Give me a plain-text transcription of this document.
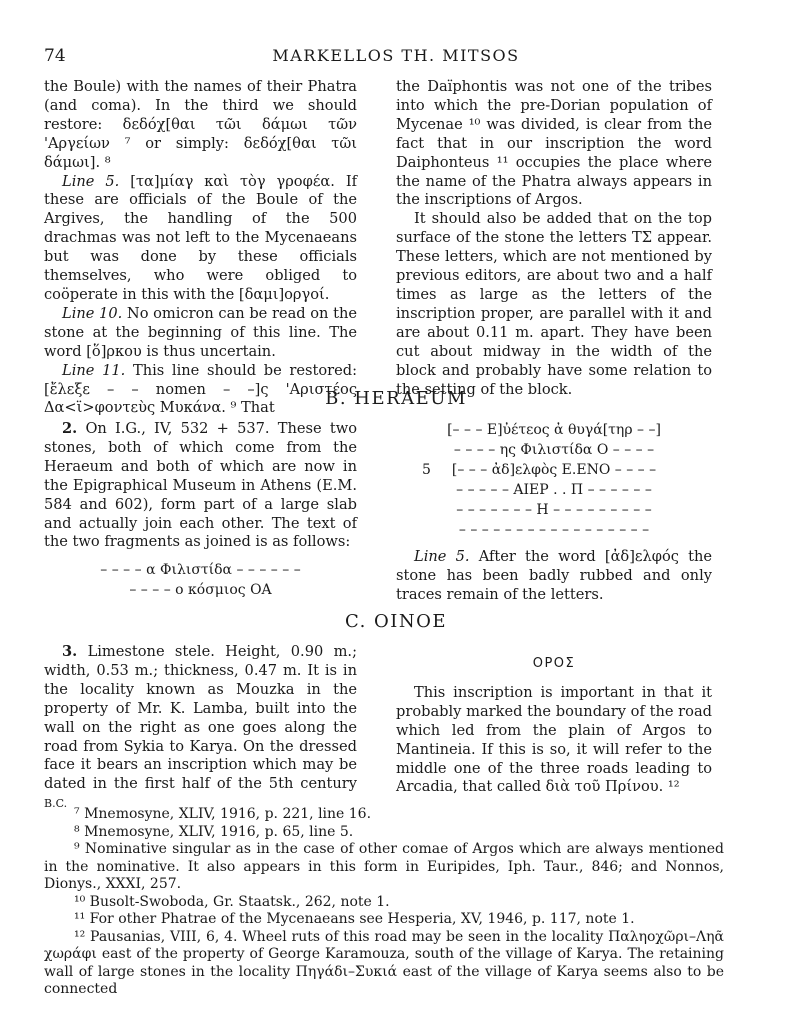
74	MARKELLOS TH. MITSOS

the Boule) with the names of their Phatra (and coma). In the third we should restore: δεδόχ[θαι τῶι δάμωι τῶν 'Αργείων ⁷ or simply: δεδόχ[θαι τῶι δάμωι]. ⁸

Line 5. [τα]μίαγ καὶ τὸγ γροφέα. If these are officials of the Boule of the Argives, the handling of the 500 drachmas was not left to the Mycenaeans but was done by these officials themselves, who were obliged to coöperate in this with the [δαμι]οργοί.

Line 10. No omicron can be read on the stone at the beginning of this line. The word [ὅ]ρκου is thus uncertain.

Line 11. This line should be restored: [ἔλεξε – – nomen – –]ς 'Αριστέος Δα<ϊ>φοντεὺς Μυκάνα. ⁹ That

the Daïphontis was not one of the tribes into which the pre-Dorian population of Mycenae ¹⁰ was divided, is clear from the fact that in our inscription the word Daiphonteus ¹¹ occupies the place where the name of the Phatra always appears in the inscriptions of Argos.

It should also be added that on the top surface of the stone the letters TΣ appear. These letters, which are not mentioned by previous editors, are about two and a half times as large as the letters of the inscription proper, are parallel with it and are about 0.11 m. apart. They have been cut about midway in the width of the block and probably have some relation to the setting of the block.

B. HERAEUM

2. On I.G., IV, 532 + 537. These two stones, both of which come from the Heraeum and both of which are now in the Epigraphical Museum in Athens (E.M. 584 and 602), form part of a large slab and actually join each other. The text of the two fragments as joined is as follows:

– – – – α Φιλιστίδα – – – – – –
– – – – ο κόσμιος ΟΑ
[– – – Ε]ὐέτεος ἀ θυγά[τηρ – –]
– – – – ης Φιλιστίδα Ο – – – –
5 [– – – ἀδ]ελφὸς Ε.ΕΝΟ – – – –
– – – – – ΑΙΕΡ . . Π – – – – – –
– – – – – – – Η – – – – – – – – –
– – – – – – – – – – – – – – – – –

Line 5. After the word [ἀδ]ελφός the stone has been badly rubbed and only traces remain of the letters.

C. OINOE

3. Limestone stele. Height, 0.90 m.; width, 0.53 m.; thickness, 0.47 m. It is in the locality known as Mouzka in the property of Mr. K. Lamba, built into the wall on the right as one goes along the road from Sykia to Karya. On the dressed face it bears an inscription which may be dated in the first half of the 5th century B.C.

ΟΡΟΣ

This inscription is important in that it probably marked the boundary of the road which led from the plain of Argos to Mantineia. If this is so, it will refer to the middle one of the three roads leading to Arcadia, that called διὰ τοῦ Πρίνου. ¹²

⁷ Mnemosyne, XLIV, 1916, p. 221, line 16.

⁸ Mnemosyne, XLIV, 1916, p. 65, line 5.

⁹ Nominative singular as in the case of other comae of Argos which are always mentioned in the nominative. It also appears in this form in Euripides, Iph. Taur., 846; and Nonnos, Dionys., XXXI, 257.

¹⁰ Busolt-Swoboda, Gr. Staatsk., 262, note 1.

¹¹ For other Phatrae of the Mycenaeans see Hesperia, XV, 1946, p. 117, note 1.

¹² Pausanias, VIII, 6, 4. Wheel ruts of this road may be seen in the locality Παληοχῶρι–Ληᾶ χωράφι east of the property of George Karamouza, south of the village of Karya. The retaining wall of large stones in the locality Πηγάδι–Συκιά east of the village of Karya seems also to be connected
